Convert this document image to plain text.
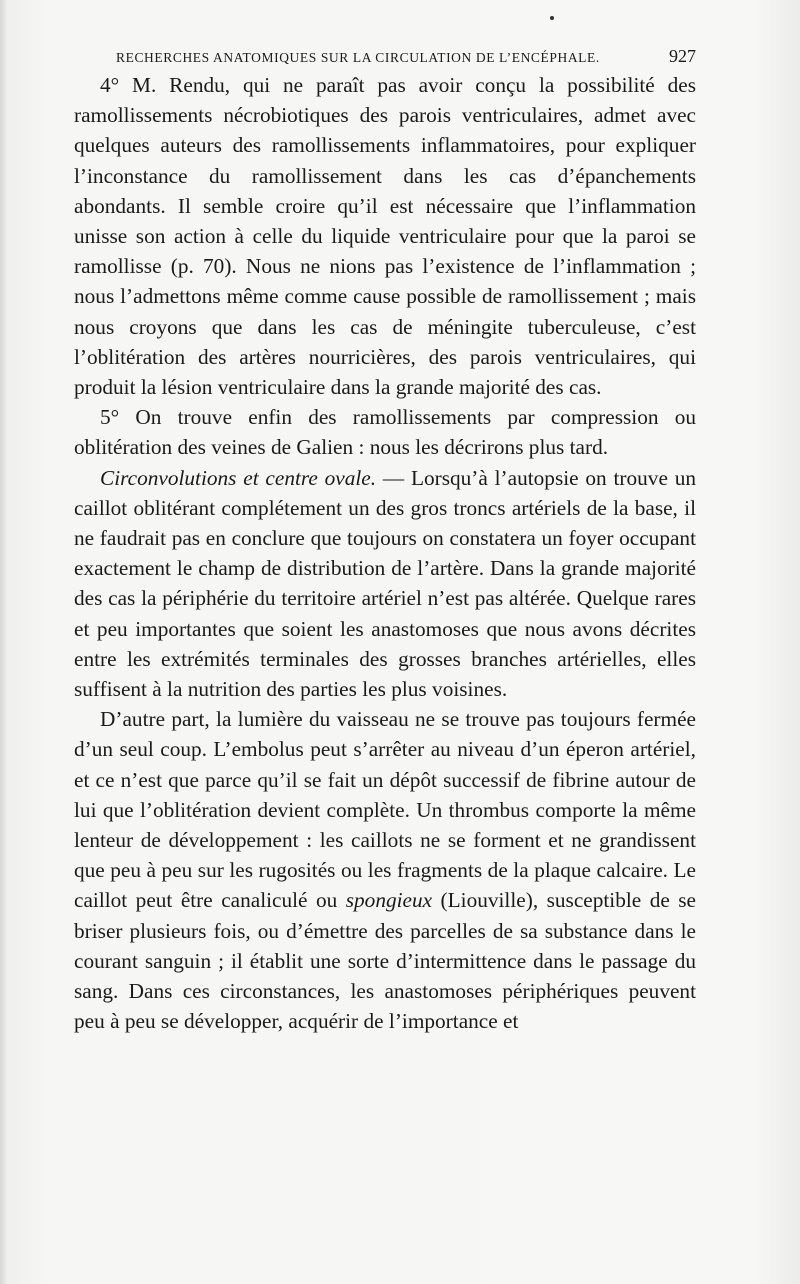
RECHERCHES ANATOMIQUES SUR LA CIRCULATION DE L’ENCÉPHALE.	927

4° M. Rendu, qui ne paraît pas avoir conçu la possibilité des ramollissements nécrobiotiques des parois ventriculaires, admet avec quelques auteurs des ramollissements inflammatoires, pour expliquer l’inconstance du ramollissement dans les cas d’épanchements abondants. Il semble croire qu’il est nécessaire que l’inflammation unisse son action à celle du liquide ventriculaire pour que la paroi se ramollisse (p. 70). Nous ne nions pas l’existence de l’inflammation ; nous l’admettons même comme cause possible de ramollissement ; mais nous croyons que dans les cas de méningite tuberculeuse, c’est l’oblitération des artères nourricières, des parois ventriculaires, qui produit la lésion ventriculaire dans la grande majorité des cas.

5° On trouve enfin des ramollissements par compression ou oblitération des veines de Galien : nous les décrirons plus tard.

Circonvolutions et centre ovale. — Lorsqu’à l’autopsie on trouve un caillot oblitérant complétement un des gros troncs artériels de la base, il ne faudrait pas en conclure que toujours on constatera un foyer occupant exactement le champ de distribution de l’artère. Dans la grande majorité des cas la périphérie du territoire artériel n’est pas altérée. Quelque rares et peu importantes que soient les anastomoses que nous avons décrites entre les extrémités terminales des grosses branches artérielles, elles suffisent à la nutrition des parties les plus voisines.

D’autre part, la lumière du vaisseau ne se trouve pas toujours fermée d’un seul coup. L’embolus peut s’arrêter au niveau d’un éperon artériel, et ce n’est que parce qu’il se fait un dépôt successif de fibrine autour de lui que l’oblitération devient complète. Un thrombus comporte la même lenteur de développement : les caillots ne se forment et ne grandissent que peu à peu sur les rugosités ou les fragments de la plaque calcaire. Le caillot peut être canaliculé ou spongieux (Liouville), susceptible de se briser plusieurs fois, ou d’émettre des parcelles de sa substance dans le courant sanguin ; il établit une sorte d’intermittence dans le passage du sang. Dans ces circonstances, les anastomoses périphériques peuvent peu à peu se développer, acquérir de l’importance et
